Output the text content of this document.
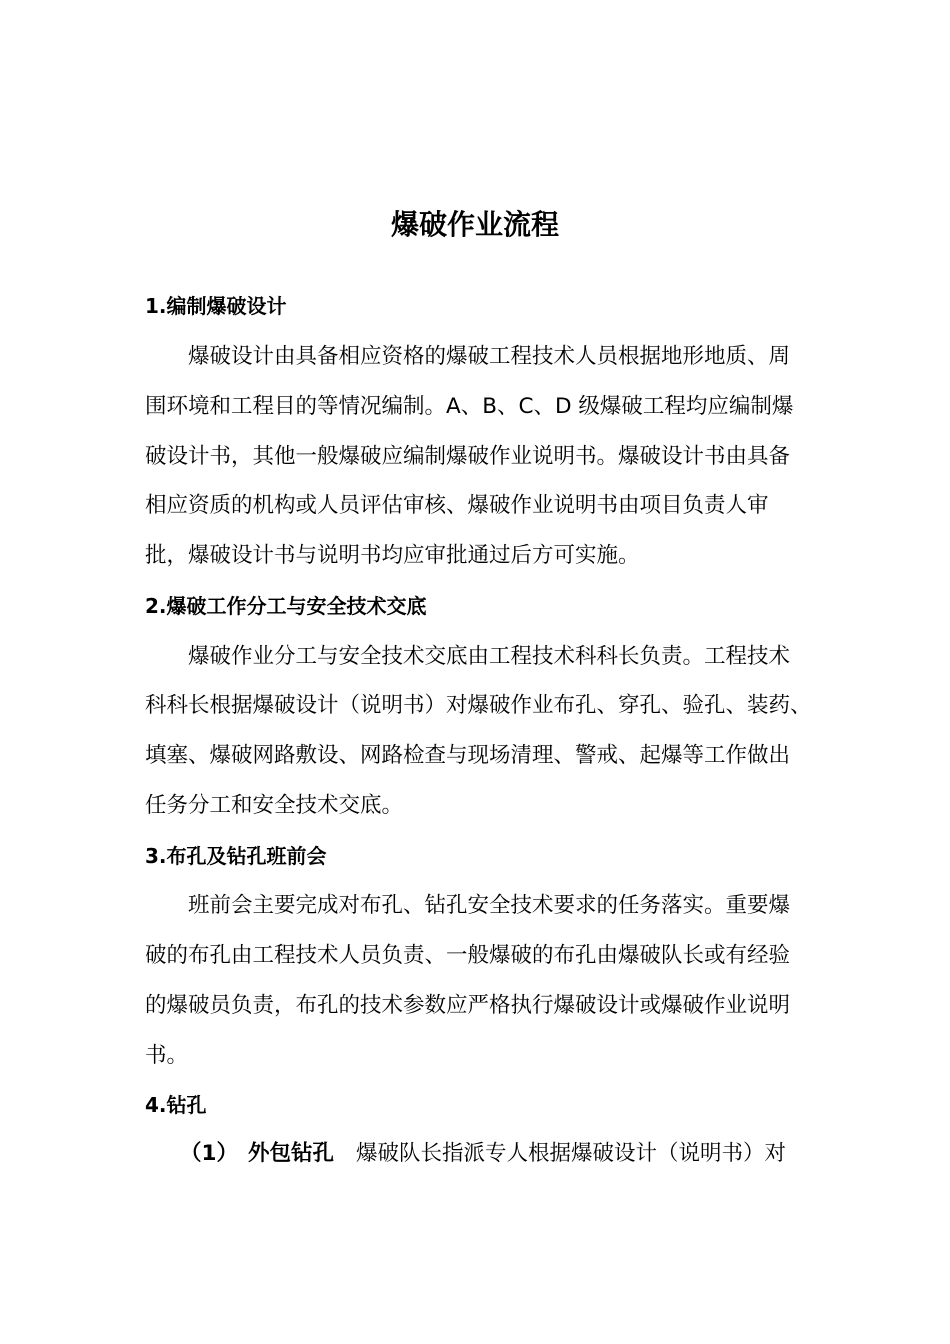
爆破作业流程
1.编制爆破设计
爆破设计由具备相应资格的爆破工程技术人员根据地形地质、周
围环境和工程目的等情况编制。A、B、C、D 级爆破工程均应编制爆
破设计书，其他一般爆破应编制爆破作业说明书。爆破设计书由具备
相应资质的机构或人员评估审核、爆破作业说明书由项目负责人审
批，爆破设计书与说明书均应审批通过后方可实施。
2.爆破工作分工与安全技术交底
爆破作业分工与安全技术交底由工程技术科科长负责。工程技术
科科长根据爆破设计（说明书）对爆破作业布孔、穿孔、验孔、装药、
填塞、爆破网路敷设、网路检查与现场清理、警戒、起爆等工作做出
任务分工和安全技术交底。
3.布孔及钻孔班前会
班前会主要完成对布孔、钻孔安全技术要求的任务落实。重要爆
破的布孔由工程技术人员负责、一般爆破的布孔由爆破队长或有经验
的爆破员负责，布孔的技术参数应严格执行爆破设计或爆破作业说明
书。
4.钻孔
（1） 外包钻孔 爆破队长指派专人根据爆破设计（说明书）对
